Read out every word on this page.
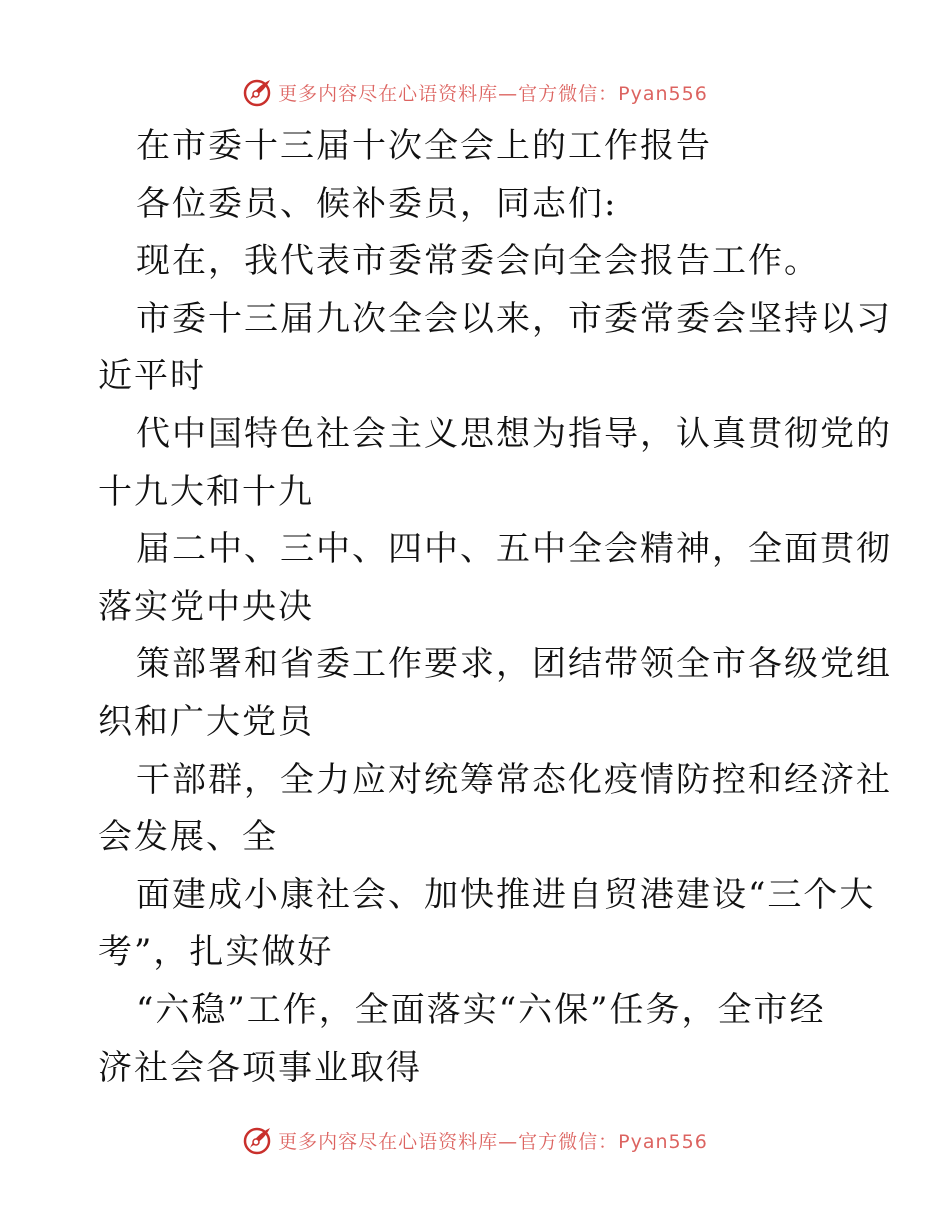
更多内容尽在心语资料库—官方微信：Pyan556
在市委十三届十次全会上的工作报告
各位委员、候补委员，同志们:
现在，我代表市委常委会向全会报告工作。
市委十三届九次全会以来，市委常委会坚持以习
近平时
代中国特色社会主义思想为指导，认真贯彻党的
十九大和十九
届二中、三中、四中、五中全会精神，全面贯彻
落实党中央决
策部署和省委工作要求，团结带领全市各级党组
织和广大党员
干部群，全力应对统筹常态化疫情防控和经济社
会发展、全
面建成小康社会、加快推进自贸港建设“三个大
考”，扎实做好
“六稳”工作，全面落实“六保”任务，全市经
济社会各项事业取得
更多内容尽在心语资料库—官方微信：Pyan556
